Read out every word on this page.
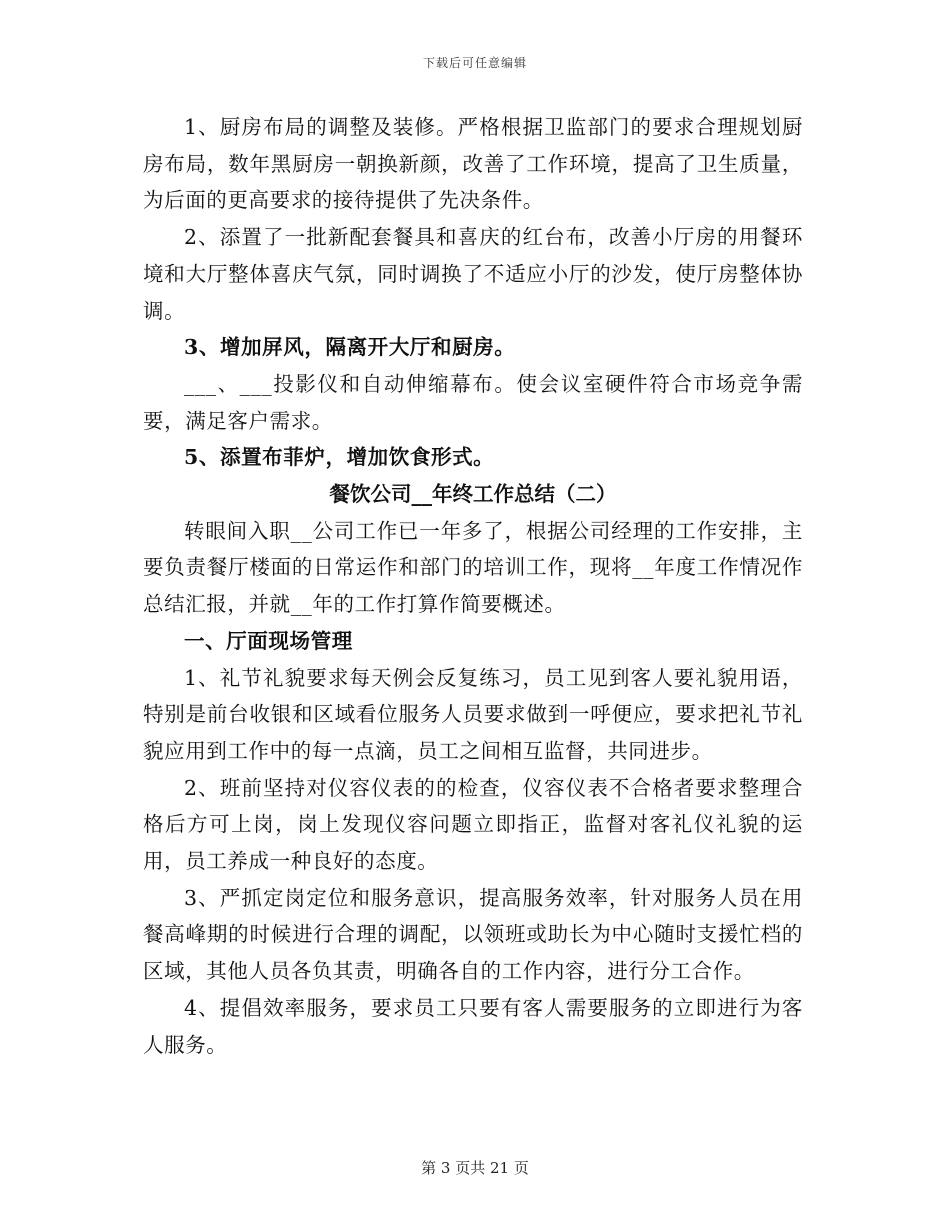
下载后可任意编辑

1、厨房布局的调整及装修。严格根据卫监部门的要求合理规划厨房布局，数年黑厨房一朝换新颜，改善了工作环境，提高了卫生质量，为后面的更高要求的接待提供了先决条件。

2、添置了一批新配套餐具和喜庆的红台布，改善小厅房的用餐环境和大厅整体喜庆气氛，同时调换了不适应小厅的沙发，使厅房整体协调。

3、增加屏风，隔离开大厅和厨房。

___、___投影仪和自动伸缩幕布。使会议室硬件符合市场竞争需要，满足客户需求。

5、添置布菲炉，增加饮食形式。

餐饮公司__年终工作总结（二）

转眼间入职__公司工作已一年多了，根据公司经理的工作安排，主要负责餐厅楼面的日常运作和部门的培训工作，现将__年度工作情况作总结汇报，并就__年的工作打算作简要概述。

一、厅面现场管理

1、礼节礼貌要求每天例会反复练习，员工见到客人要礼貌用语，特别是前台收银和区域看位服务人员要求做到一呼便应，要求把礼节礼貌应用到工作中的每一点滴，员工之间相互监督，共同进步。

2、班前坚持对仪容仪表的的检查，仪容仪表不合格者要求整理合格后方可上岗，岗上发现仪容问题立即指正，监督对客礼仪礼貌的运用，员工养成一种良好的态度。

3、严抓定岗定位和服务意识，提高服务效率，针对服务人员在用餐高峰期的时候进行合理的调配，以领班或助长为中心随时支援忙档的区域，其他人员各负其责，明确各自的工作内容，进行分工合作。

4、提倡效率服务，要求员工只要有客人需要服务的立即进行为客人服务。

第 3 页共 21 页
